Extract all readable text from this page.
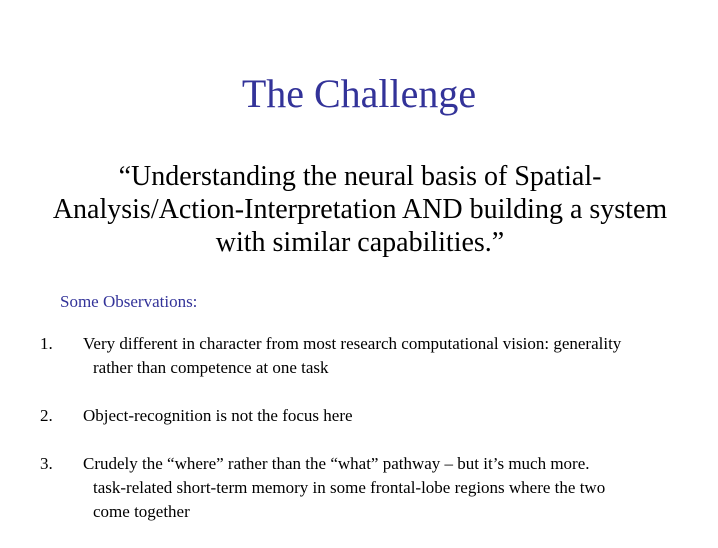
The Challenge

“Understanding the neural basis of Spatial-Analysis/Action-Interpretation AND building a system with similar capabilities.”

Some Observations:

1. Very different in character from most research computational vision: generality
rather than competence at one task
2. Object-recognition is not the focus here
3. Crudely the “where” rather than the “what” pathway – but it’s much more.
task-related short-term memory in some frontal-lobe regions where the two
come together
